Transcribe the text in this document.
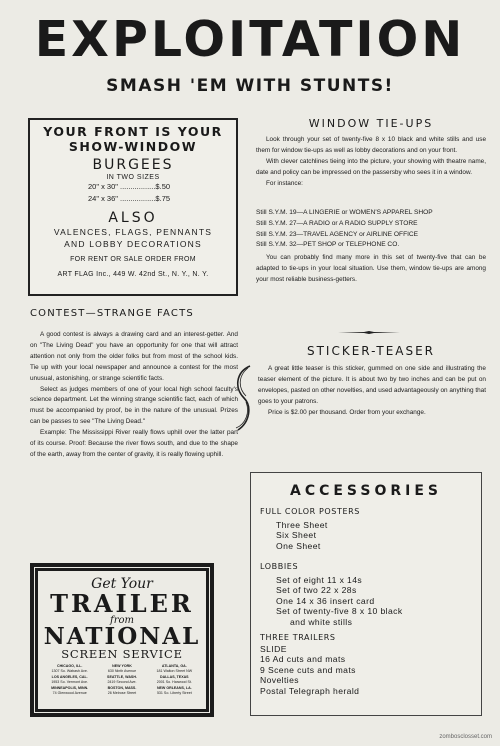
EXPLOITATION
SMASH 'EM WITH STUNTS!
YOUR FRONT IS YOUR
SHOW-WINDOW
BURGEES
IN TWO SIZES
20" x 30" .................$.50
24" x 36" .................$.75
ALSO
VALENCES, FLAGS, PENNANTS
AND LOBBY DECORATIONS
FOR RENT OR SALE ORDER FROM
ART FLAG Inc., 449 W. 42nd St., N. Y., N. Y.
CONTEST—STRANGE FACTS

A good contest is always a drawing card and an interest-getter. And on "The Living Dead" you have an opportunity for one that will attract attention not only from the older folks but from most of the school kids. Tie up with your local newspaper and announce a contest for the most unusual, astonishing, or strange scientific facts.

Select as judges members of one of your local high school faculty's science department. Let the winning strange scientific fact, each of which must be accompanied by proof, be in the nature of the unusual. Prizes can be passes to see "The Living Dead."

Example: The Mississippi River really flows uphill over the latter part of its course. Proof: Because the river flows south, and due to the shape of the earth, away from the center of gravity, it is really flowing uphill.

Get Your
TRAILER
from
NATIONAL
SCREEN SERVICE
CHICAGO, ILL.
1307 So. Wabash Ave.
NEW YORK
630 Ninth Avenue
ATLANTA, GA.
181 Walton Street NW
LOS ANGELES, CAL.
1953 So. Vermont Ave.
SEATTLE, WASH.
2419 Second Ave.
DALLAS, TEXAS
2001 So. Harwood St.
MINNEAPOLIS, MINN.
74 Glenwood Avenue
BOSTON, MASS.
26 Melrose Street
NEW ORLEANS, LA.
531 So. Liberty Street
WINDOW TIE-UPS

Look through your set of twenty-five 8 x 10 black and white stills and use them for window tie-ups as well as lobby decorations and on your front.

With clever catchlines tieing into the picture, your showing with theatre name, date and policy can be impressed on the passersby who sees it in a window.

For instance:

Still S.Y.M. 19—A LINGERIE or WOMEN'S APPAREL SHOP
Still S.Y.M. 27—A RADIO or A RADIO SUPPLY STORE
Still S.Y.M. 23—TRAVEL AGENCY or AIRLINE OFFICE
Still S.Y.M. 32—PET SHOP or TELEPHONE CO.

You can probably find many more in this set of twenty-five that can be adapted to tie-ups in your local situation. Use them, window tie-ups are among your most reliable business-getters.

STICKER-TEASER

A great little teaser is this sticker, gummed on one side and illustrating the teaser element of the picture. It is about two by two inches and can be put on envelopes, pasted on other novelties, and used advantageously on anything that goes to your patrons.

Price is $2.00 per thousand. Order from your exchange.

ACCESSORIES
FULL COLOR POSTERS
Three Sheet
Six Sheet
One Sheet
LOBBIES
Set of eight 11 x 14s
Set of two 22 x 28s
One 14 x 36 insert card
Set of twenty-five 8 x 10 black
and white stills
THREE TRAILERS
SLIDE
16 Ad cuts and mats
9 Scene cuts and mats
Novelties
Postal Telegraph herald
zombosclosset.com
